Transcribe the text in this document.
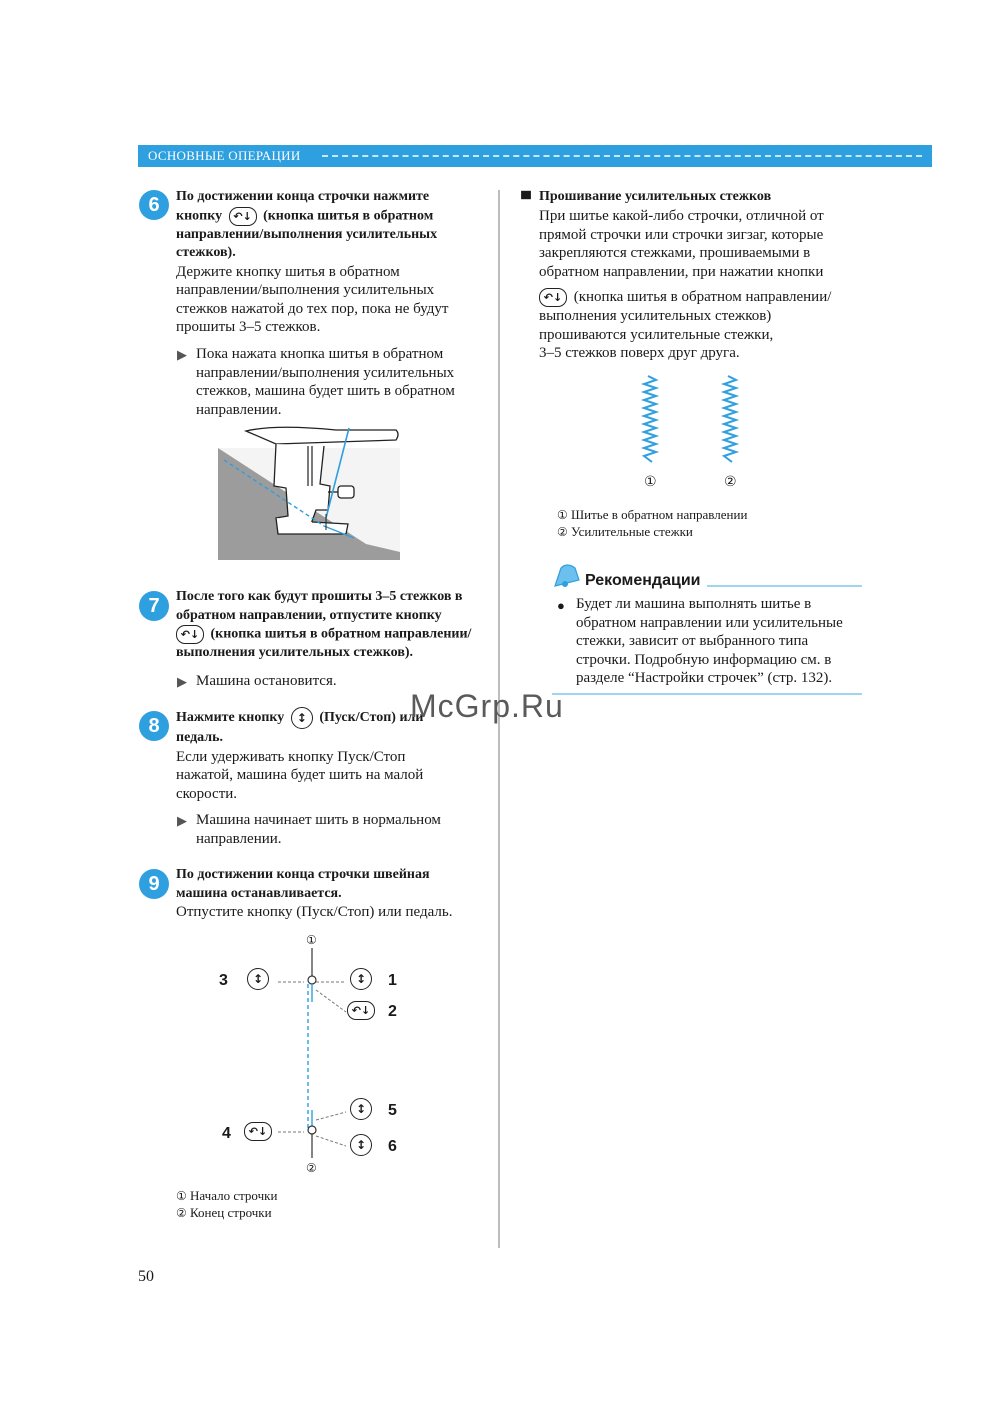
ОСНОВНЫЕ ОПЕРАЦИИ
6	По достижении конца строчки нажмите
кнопку ↶↓ (кнопка шитья в обратном
направлении/выполнения усилительных
стежков).
Держите кнопку шитья в обратном
направлении/выполнения усилительных
стежков нажатой до тех пор, пока не будут
прошиты 3–5 стежков.
▶ Пока нажата кнопка шитья в обратном
направлении/выполнения усилительных
стежков, машина будет шить в обратном
направлении.
7	После того как будут прошиты 3–5 стежков в
обратном направлении, отпустите кнопку
↶↓ (кнопка шитья в обратном направлении/
выполнения усилительных стежков).
▶ Машина остановится.
8	Нажмите кнопку ↕ (Пуск/Стоп) или
педаль.
Если удерживать кнопку Пуск/Стоп
нажатой, машина будет шить на малой
скорости.
▶ Машина начинает шить в нормальном
направлении.
9	По достижении конца строчки швейная
машина останавливается.
Отпустите кнопку (Пуск/Стоп) или педаль.
①
②
3	↕	↕	1
↶↓ 2
↕	5
4	↶↓
↕	6
① Начало строчки
② Конец строчки
Прошивание усилительных стежков
При шитье какой-либо строчки, отличной от
прямой строчки или строчки зигзаг, которые
закрепляются стежками, прошиваемыми в
обратном направлении, при нажатии кнопки
↶↓ (кнопка шитья в обратном направлении/
выполнения усилительных стежков)
прошиваются усилительные стежки,
3–5 стежков поверх друг друга.
①	②
① Шитье в обратном направлении
② Усилительные стежки
Рекомендации
● Будет ли машина выполнять шитье в
обратном направлении или усилительные
стежки, зависит от выбранного типа
строчки. Подробную информацию см. в
разделе “Настройки строчек” (стр. 132).
McGrp.Ru
50
